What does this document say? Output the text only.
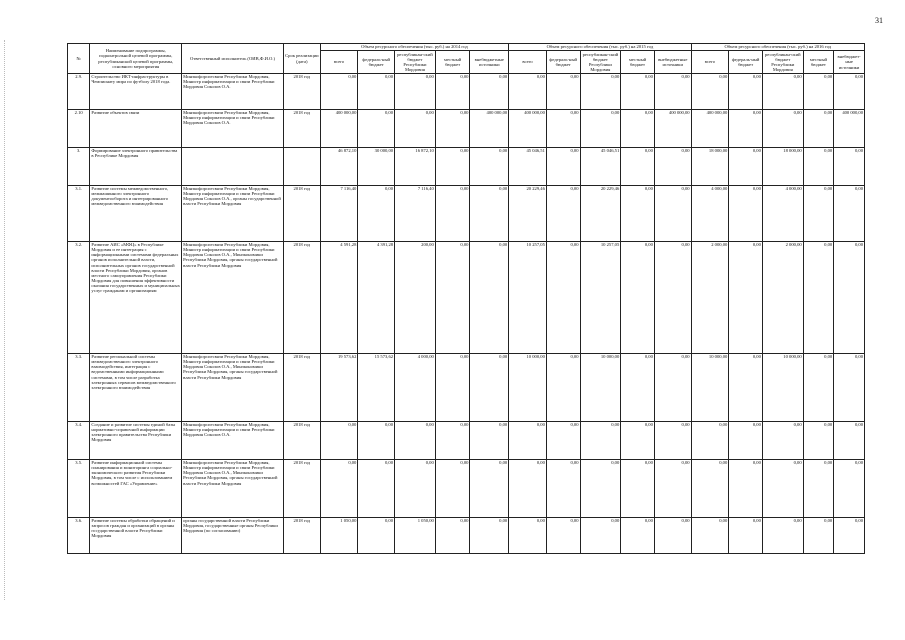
31
№	Наименование подпрограммы, подконтрольной целевой программы, республиканской целевой программы, основного мероприятия	Ответственный исполнитель (ОИВ,Ф.И.О.)	Срок реализации (дата)	Объем ресурсного обеспечения (тыс. руб.) на 2014 год					Объем ресурсного обеспечения (тыс. руб.) на 2015 год					Объем ресурсного обеспечения (тыс. руб.) на 2016 год				
				всего	федераль-ный бюджет	республикан-ский бюджет Республики Мордовия	местный бюджет	внебюджетные источники	всего	федераль-ный бюджет	республикан-ский бюджет Республики Мордовия	местный бюджет	внебюджетные источники	всего	федераль-ный бюджет	республикан-ский бюджет Республики Мордовия	местный бюджет	внебюджет-ные источники
2.9.	Строительство ИКТ-инфраструктуры в Чемпионату мира по футболу 2018 года.	Минэкофорспесвязи Республики Мордовия, Министр информатизации и связи Республики Мордовия Соколов О.А.	2018 год	0,00	0,00	0,00	0,00	0,00	0,00	0,00	0,00	0,00	0,00	0,00	0,00	0,00	0,00	0,00
2.10	Развитие объектов связи	Минэкофорспесвязи Республики Мордовия, Министр информатизации и связи Республики Мордовия Соколов О.А.	2018 год	400 000,00	0,00	0,00	0,00	400 000,00	400 000,00	0,00	0,00	0,00	400 000,00	400 000,00	0,00	0,00	0,00	400 000,00
3.	Формирование электронного правительства в Республике Мордовия			46 872,10	30 000,00	16 872,10	0,00	0,00	45 046,51	0,00	45 046,51	0,00	0,00	18 000,00	0,00	18 000,00	0,00	0,00
3.1.	Развитие системы межведомственного, межмашинного электронного документооборота и интегрированного межведомственного взаимодействия	Минэкофорспесвязи Республики Мордовия, Министр информатизации и связи Республики Мордовия Соколов О.А., органы государственной власти Республики Мордовия	2018 год	7 116,40	0,00	7 116,40	0,00	0,00	20 229,46	0,00	20 229,46	0,00	0,00	4 000,00	0,00	4 000,00	0,00	0,00
3.2.	Развитие АИС «МФЦ» в Республике Мордовия и ее интеграция с информационными системами федеральных органов исполнительной власти, исполнительных органов государственной власти Республики Мордовия, органов местного самоуправления Республики Мордовия для повышения эффективности оказания государственных и муниципальных услуг гражданам и организациям	Минэкофорспесвязи Республики Мордовия, Министр информатизации и связи Республики Мордовия Соколов О.А., Минэкономики Республики Мордовия, органы государственной власти Республики Мордовия	2018 год	4 591,28	4 391,28	200,00	0,00	0,00	10 257,05	0,00	10 257,05	0,00	0,00	2 000,00	0,00	2 000,00	0,00	0,00
3.3.	Развитие региональной системы межведомственного электронного взаимодействия, интеграция с ведомственными информационными системами, в том числе разработка электронных сервисов межведомственного электронного взаимодействия	Минэкофорспесвязи Республики Мордовия, Министр информатизации и связи Республики Мордовия Соколов О.А., Минэкономики Республики Мордовия, органы государственной власти Республики Мордовия	2018 год	19 573,62	15 573,62	4 000,00	0,00	0,00	10 000,00	0,00	10 000,00	0,00	0,00	10 000,00	0,00	10 000,00	0,00	0,00
3.4.	Создание и развитие системы единой базы нормативно-справочной информации электронного правительства Республики Мордовия	Минэкофорспесвязи Республики Мордовия, Министр информатизации и связи Республики Мордовия Соколов О.А.	2018 год	0,00	0,00	0,00	0,00	0,00	0,00	0,00	0,00	0,00	0,00	0,00	0,00	0,00	0,00	0,00
3.5.	Развитие информационной системы планирования и мониторинга социально-экономического развития Республики Мордовия, в том числе с использованием возможностей ГАС «Управление»	Минэкофорспесвязи Республики Мордовия, Министр информатизации и связи Республики Мордовия Соколов О.А., Минэкономики Республики Мордовия, органы государственной власти Республики Мордовия	2018 год	0,00	0,00	0,00	0,00	0,00	0,00	0,00	0,00	0,00	0,00	0,00	0,00	0,00	0,00	0,00
3.6.	Развитие системы обработки обращений и запросов граждан и организаций в органы государственной власти Республики Мордовия	органы государственной власти Республики Мордовия, государственные органы Республики Мордовия (по согласованию)	2018 год	1 050,00	0,00	1 050,00	0,00	0,00	0,00	0,00	0,00	0,00	0,00	0,00	0,00	0,00	0,00	0,00
